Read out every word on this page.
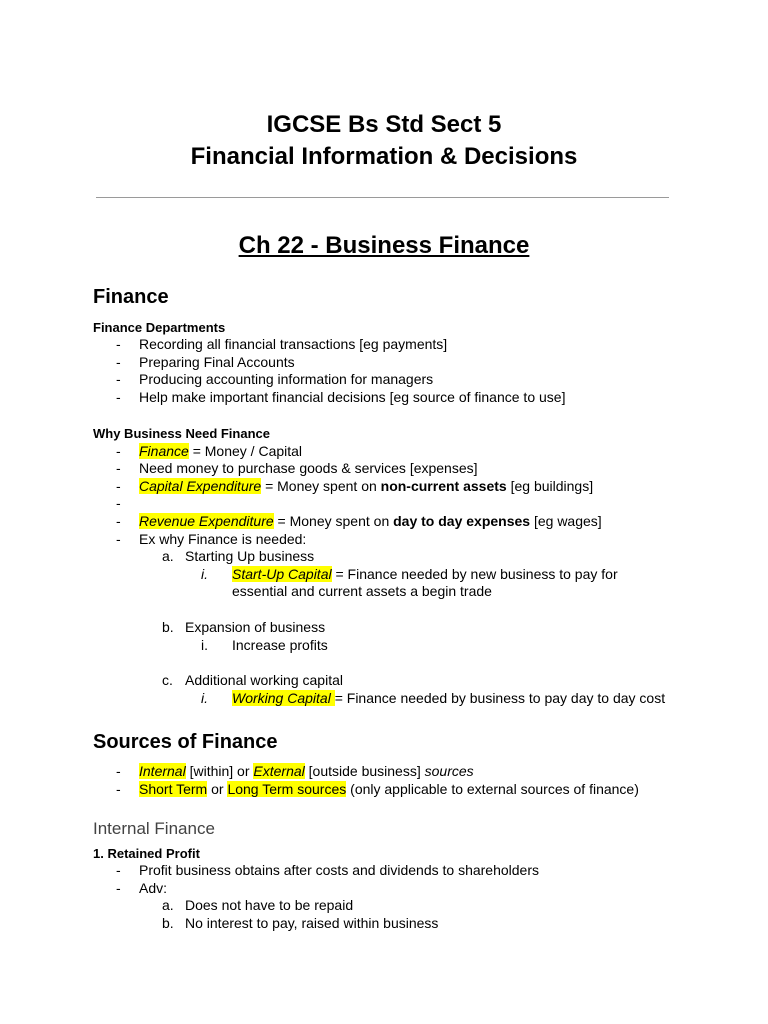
IGCSE Bs Std Sect 5
Financial Information & Decisions
Ch 22 - Business Finance
Finance
Finance Departments
- Recording all financial transactions [eg payments]
- Preparing Final Accounts
- Producing accounting information for managers
- Help make important financial decisions [eg source of finance to use]
Why Business Need Finance
- Finance = Money / Capital
- Need money to purchase goods & services [expenses]
- Capital Expenditure = Money spent on non-current assets [eg buildings]
-
- Revenue Expenditure = Money spent on day to day expenses [eg wages]
- Ex why Finance is needed:
a. Starting Up business
i. Start-Up Capital = Finance needed by new business to pay for
essential and current assets a begin trade
b. Expansion of business
i. Increase profits
c. Additional working capital
i. Working Capital = Finance needed by business to pay day to day cost
Sources of Finance
- Internal [within] or External [outside business] sources
- Short Term or Long Term sources (only applicable to external sources of finance)
Internal Finance
1. Retained Profit
- Profit business obtains after costs and dividends to shareholders
- Adv:
a. Does not have to be repaid
b. No interest to pay, raised within business
